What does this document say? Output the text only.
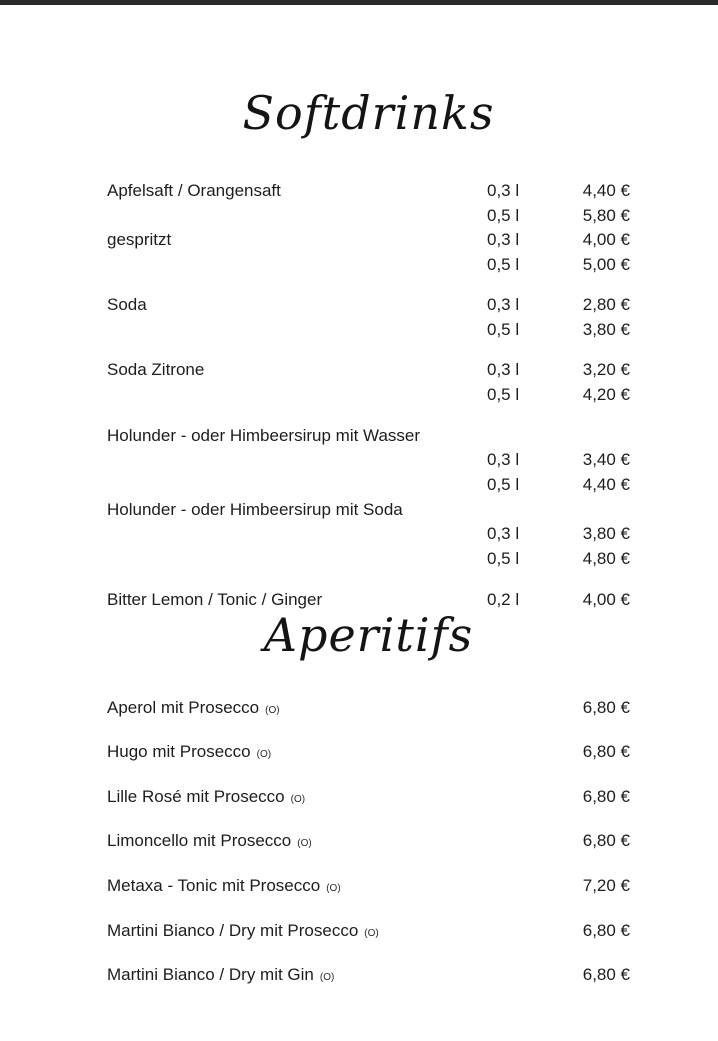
Softdrinks
Apfelsaft / Orangensaft	0,3 l	4,40 €
0,5 l	5,80 €
gespritzt	0,3 l	4,00 €
0,5 l	5,00 €
Soda	0,3 l	2,80 €
0,5 l	3,80 €
Soda Zitrone	0,3 l	3,20 €
0,5 l	4,20 €
Holunder - oder Himbeersirup mit Wasser
0,3 l	3,40 €
0,5 l	4,40 €
Holunder - oder Himbeersirup mit Soda
0,3 l	3,80 €
0,5 l	4,80 €
Bitter Lemon / Tonic / Ginger	0,2 l	4,00 €
Aperitifs
Aperol mit Prosecco (O)	6,80 €
Hugo mit Prosecco (O)	6,80 €
Lille Rosé mit Prosecco (O)	6,80 €
Limoncello mit Prosecco (O)	6,80 €
Metaxa - Tonic mit Prosecco (O)	7,20 €
Martini Bianco / Dry mit Prosecco (O)	6,80 €
Martini Bianco / Dry mit Gin (O)	6,80 €
